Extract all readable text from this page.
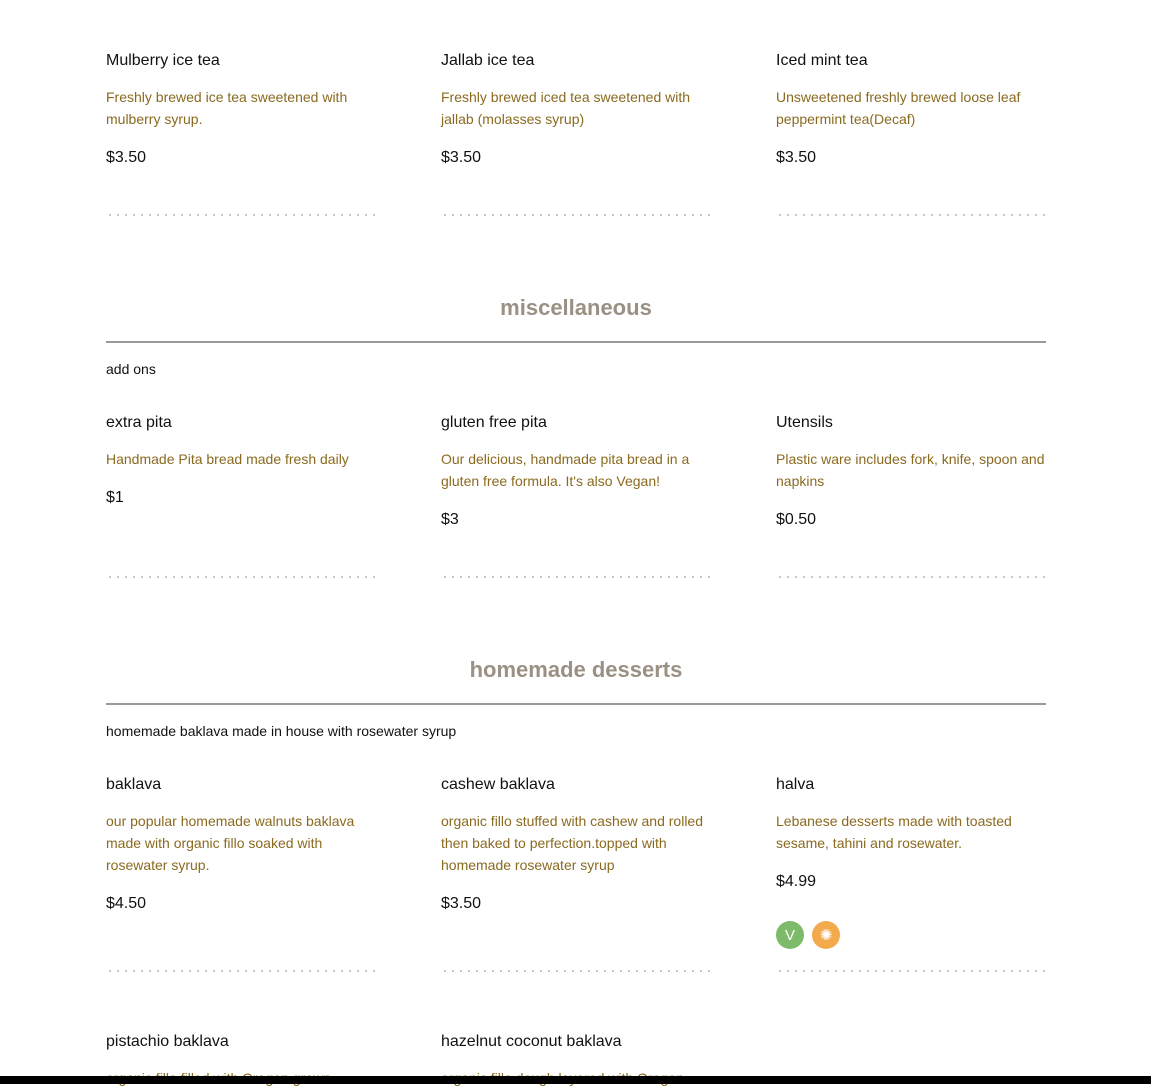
Mulberry ice tea

Freshly brewed ice tea sweetened with mulberry syrup.

$3.50

Jallab ice tea

Freshly brewed iced tea sweetened with jallab (molasses syrup)

$3.50

Iced mint tea

Unsweetened freshly brewed loose leaf peppermint tea(Decaf)

$3.50

miscellaneous

add ons

extra pita

Handmade Pita bread made fresh daily

$1

gluten free pita

Our delicious, handmade pita bread in a gluten free formula. It's also Vegan!

$3

Utensils

Plastic ware includes fork, knife, spoon and napkins

$0.50

homemade desserts

homemade baklava made in house with rosewater syrup

baklava

our popular homemade walnuts baklava made with organic fillo soaked with rosewater syrup.

$4.50

cashew baklava

organic fillo stuffed with cashew and rolled then baked to perfection.topped with homemade rosewater syrup

$3.50

halva

Lebanese desserts made with toasted sesame, tahini and rosewater.

$4.99

V	✺

pistachio baklava	hazelnut coconut baklava
